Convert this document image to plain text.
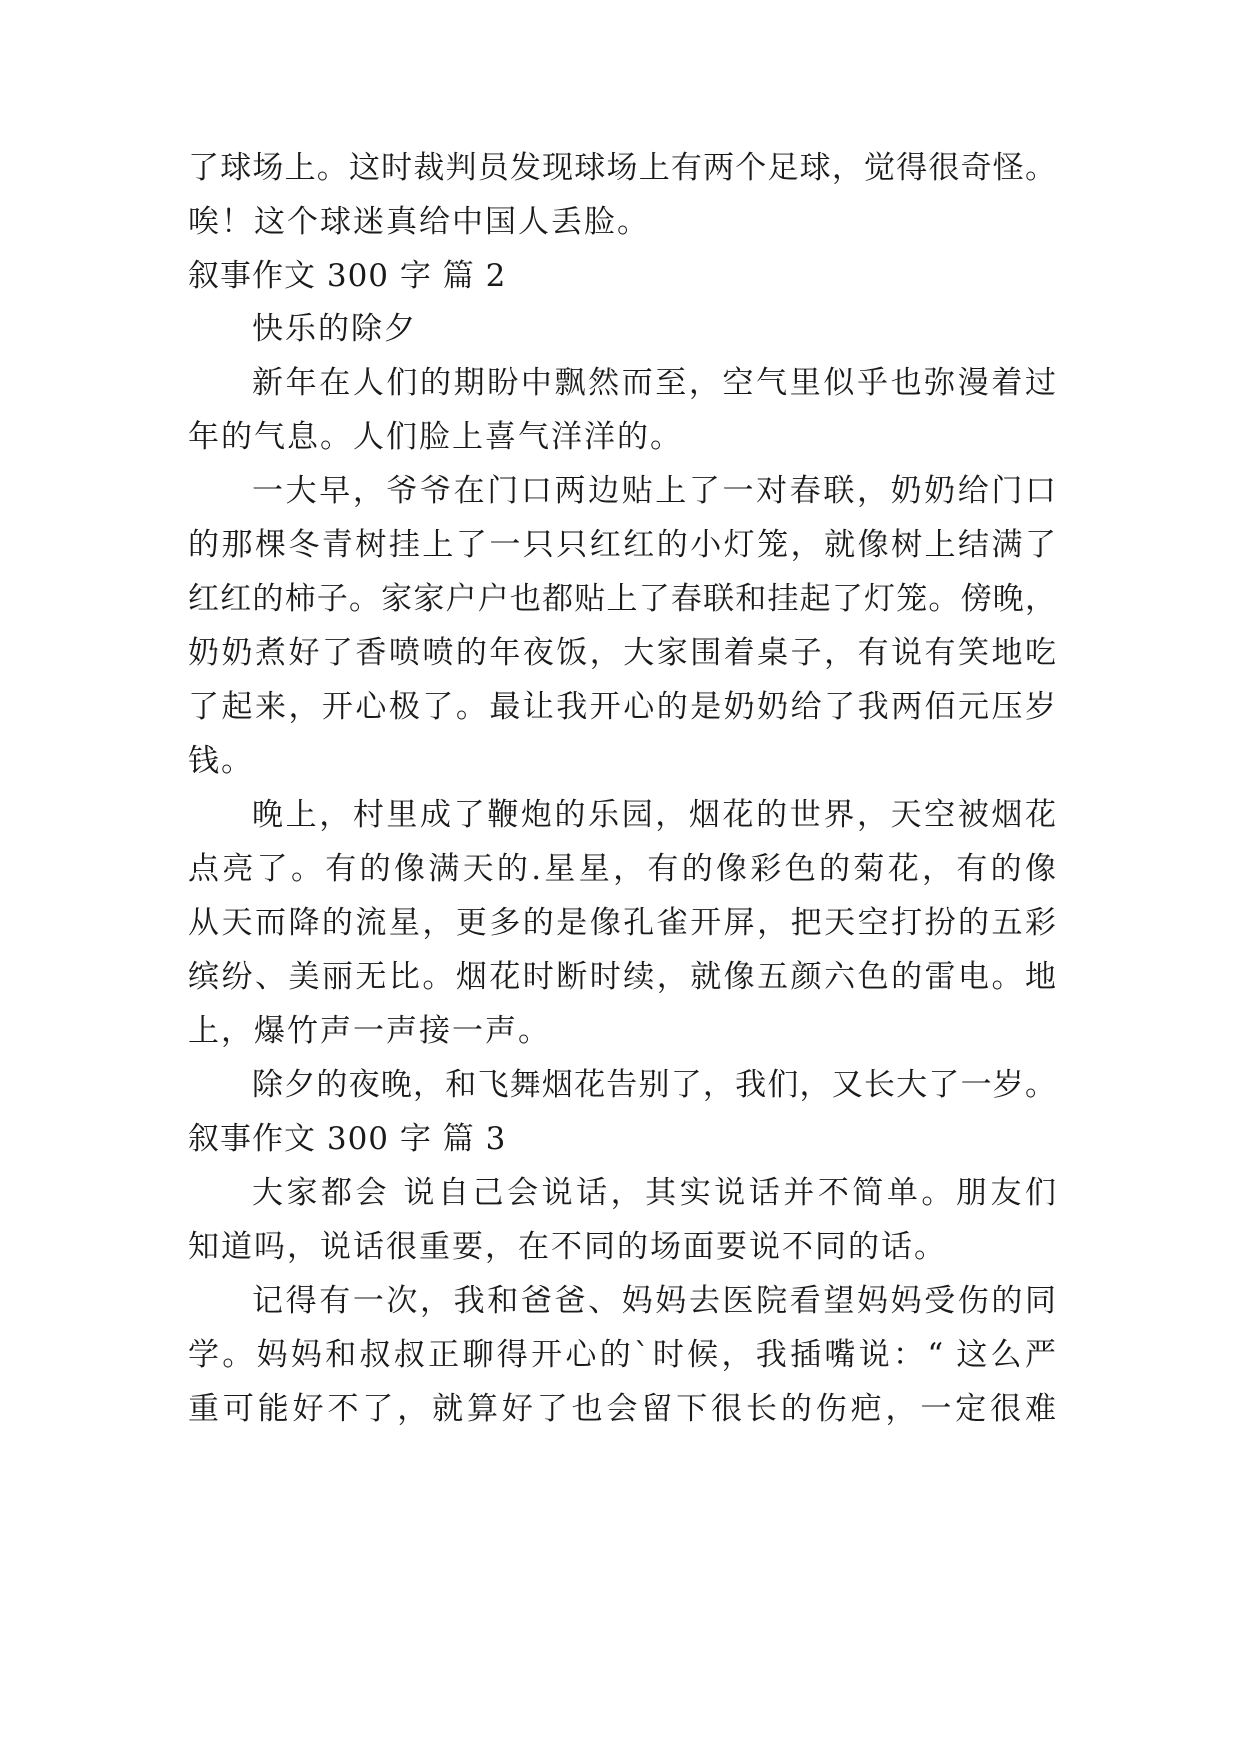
了球场上。这时裁判员发现球场上有两个足球，觉得很奇怪。
唉！这个球迷真给中国人丢脸。
叙事作文 300 字 篇 2
快乐的除夕
新年在人们的期盼中飘然而至，空气里似乎也弥漫着过
年的气息。人们脸上喜气洋洋的。
一大早，爷爷在门口两边贴上了一对春联，奶奶给门口
的那棵冬青树挂上了一只只红红的小灯笼，就像树上结满了
红红的柿子。家家户户也都贴上了春联和挂起了灯笼。傍晚，
奶奶煮好了香喷喷的年夜饭，大家围着桌子，有说有笑地吃
了起来，开心极了。最让我开心的是奶奶给了我两佰元压岁
钱。
晚上，村里成了鞭炮的乐园，烟花的世界，天空被烟花
点亮了。有的像满天的.星星，有的像彩色的菊花，有的像
从天而降的流星，更多的是像孔雀开屏，把天空打扮的五彩
缤纷、美丽无比。烟花时断时续，就像五颜六色的雷电。地
上，爆竹声一声接一声。
除夕的夜晚，和飞舞烟花告别了，我们，又长大了一岁。
叙事作文 300 字 篇 3
大家都会 说自己会说话，其实说话并不简单。朋友们
知道吗，说话很重要，在不同的场面要说不同的话。
记得有一次，我和爸爸、妈妈去医院看望妈妈受伤的同
学。妈妈和叔叔正聊得开心的`时候，我插嘴说：“ 这么严
重可能好不了，就算好了也会留下很长的伤疤，一定很难
